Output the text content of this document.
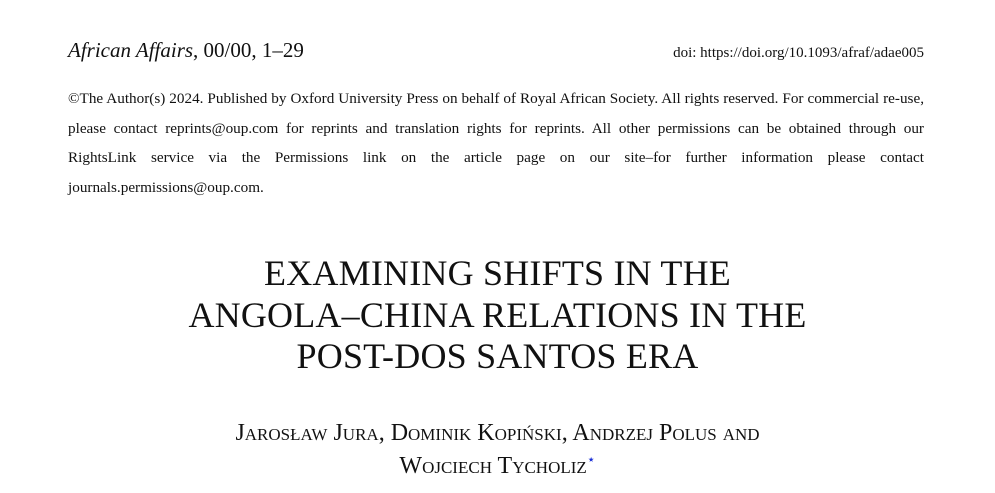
African Affairs, 00/00, 1–29	doi: https://doi.org/10.1093/afraf/adae005
©The Author(s) 2024. Published by Oxford University Press on behalf of Royal African Society. All rights reserved. For commercial re-use, please contact reprints@oup.com for reprints and translation rights for reprints. All other permissions can be obtained through our RightsLink service via the Permissions link on the article page on our site–for further information please contact journals.permissions@oup.com.
EXAMINING SHIFTS IN THE
ANGOLA–CHINA RELATIONS IN THE
POST-DOS SANTOS ERA
Jarosław Jura, Dominik Kopiński, Andrzej Polus and
Wojciech Tycholiz⋆
